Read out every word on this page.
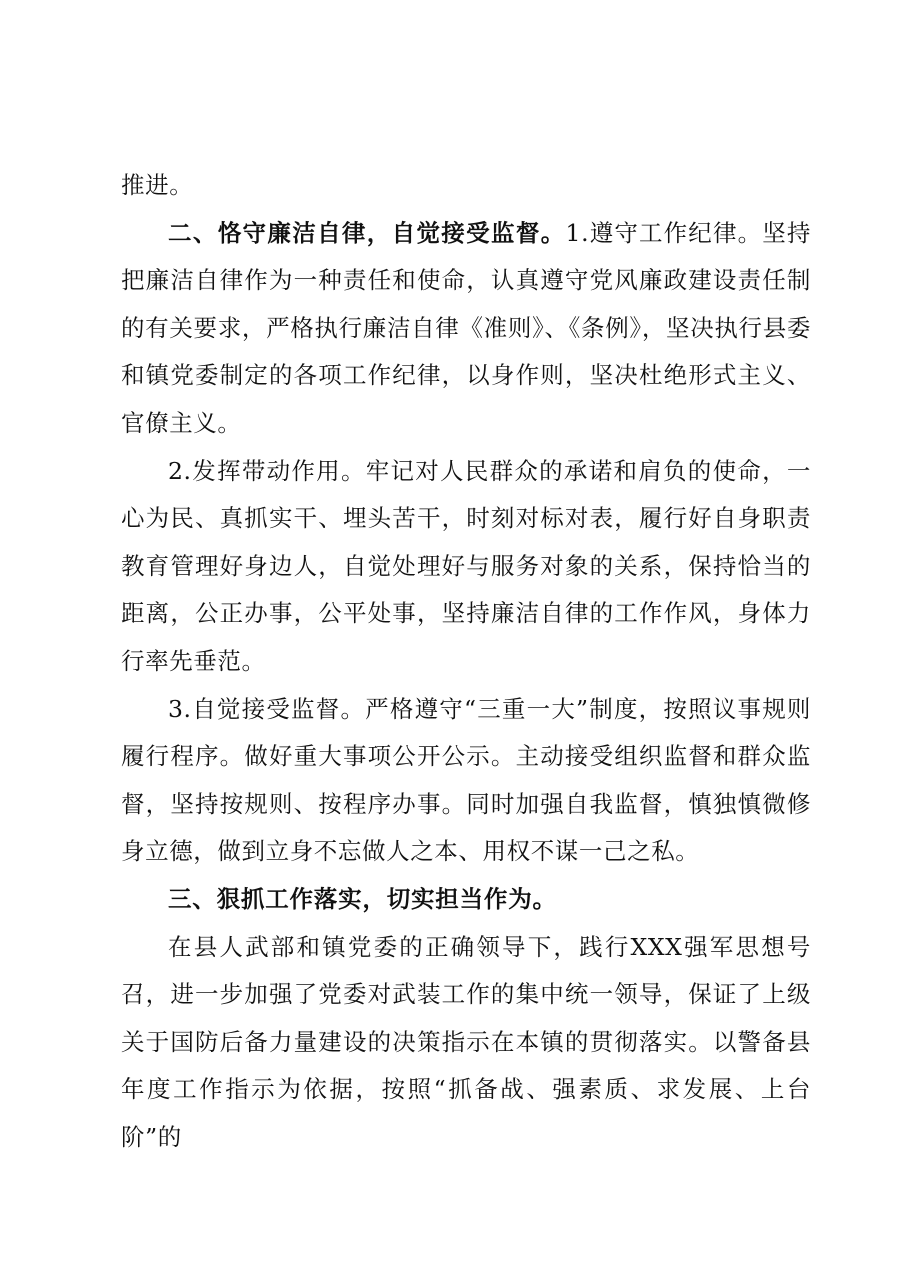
推进。

二、恪守廉洁自律，自觉接受监督。1.遵守工作纪律。坚持把廉洁自律作为一种责任和使命，认真遵守党风廉政建设责任制的有关要求，严格执行廉洁自律《准则》、《条例》，坚决执行县委和镇党委制定的各项工作纪律，以身作则，坚决杜绝形式主义、官僚主义。

2.发挥带动作用。牢记对人民群众的承诺和肩负的使命，一心为民、真抓实干、埋头苦干，时刻对标对表，履行好自身职责教育管理好身边人，自觉处理好与服务对象的关系，保持恰当的距离，公正办事，公平处事，坚持廉洁自律的工作作风，身体力行率先垂范。

3.自觉接受监督。严格遵守“三重一大”制度，按照议事规则履行程序。做好重大事项公开公示。主动接受组织监督和群众监督，坚持按规则、按程序办事。同时加强自我监督，慎独慎微修身立德，做到立身不忘做人之本、用权不谋一己之私。

三、狠抓工作落实，切实担当作为。

在县人武部和镇党委的正确领导下，践行XXX强军思想号召，进一步加强了党委对武装工作的集中统一领导，保证了上级关于国防后备力量建设的决策指示在本镇的贯彻落实。以警备县年度工作指示为依据，按照“抓备战、强素质、求发展、上台阶”的
